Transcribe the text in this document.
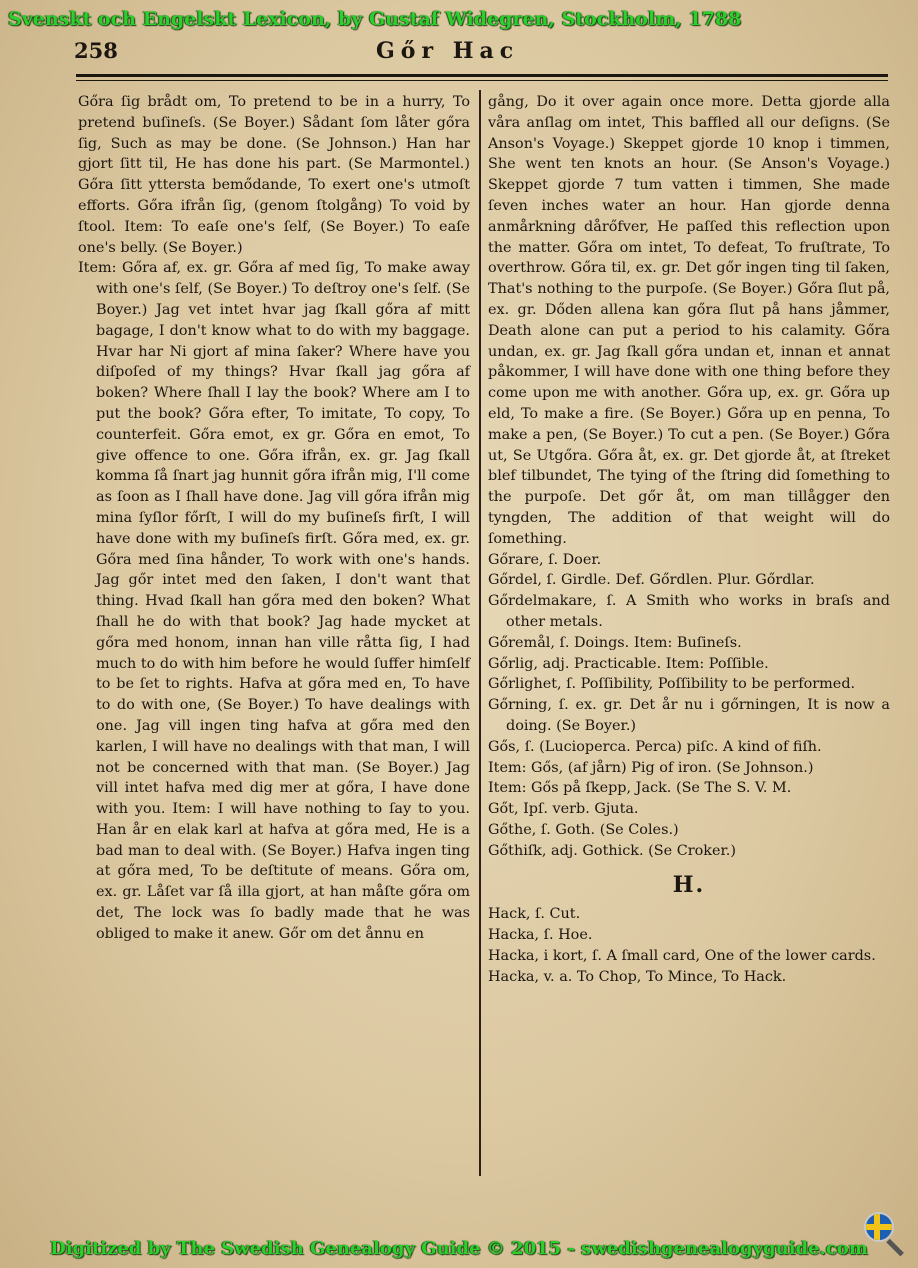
Svenskt och Engelskt Lexicon, by Gustaf Widegren, Stockholm, 1788
258	Gőr Hac

Gőra ſig brådt om, To pretend to be in a hurry, To pretend buſineſs. (Se Boyer.) Sådant ſom låter gőra ſig, Such as may be done. (Se Johnson.) Han har gjort ſitt til, He has done his part. (Se Marmontel.) Gőra ſitt yttersta bemődande, To exert one's utmoſt efforts. Gőra ifrån ſig, (genom ſtolgång) To void by ſtool. Item: To eaſe one's ſelf, (Se Boyer.) To eaſe one's belly. (Se Boyer.)

Item: Gőra af, ex. gr. Gőra af med ſig, To make away with one's ſelf, (Se Boyer.) To deſtroy one's ſelf. (Se Boyer.) Jag vet intet hvar jag ſkall gőra af mitt bagage, I don't know what to do with my baggage. Hvar har Ni gjort af mina ſaker? Where have you diſpoſed of my things? Hvar ſkall jag gőra af boken? Where ſhall I lay the book? Where am I to put the book? Gőra efter, To imitate, To copy, To counterfeit. Gőra emot, ex gr. Gőra en emot, To give offence to one. Gőra ifrån, ex. gr. Jag ſkall komma ſå ſnart jag hunnit gőra ifrån mig, I'll come as ſoon as I ſhall have done. Jag vill gőra ifrån mig mina ſyſlor főrſt, I will do my buſineſs firſt, I will have done with my buſineſs firſt. Gőra med, ex. gr. Gőra med ſina hånder, To work with one's hands. Jag gőr intet med den ſaken, I don't want that thing. Hvad ſkall han gőra med den boken? What ſhall he do with that book? Jag hade mycket at gőra med honom, innan han ville råtta ſig, I had much to do with him before he would ſuffer himſelf to be ſet to rights. Hafva at gőra med en, To have to do with one, (Se Boyer.) To have dealings with one. Jag vill ingen ting hafva at gőra med den karlen, I will have no dealings with that man, I will not be concerned with that man. (Se Boyer.) Jag vill intet hafva med dig mer at gőra, I have done with you. Item: I will have nothing to ſay to you. Han år en elak karl at hafva at gőra med, He is a bad man to deal with. (Se Boyer.) Hafva ingen ting at gőra med, To be deſtitute of means. Gőra om, ex. gr. Låſet var ſå illa gjort, at han måſte gőra om det, The lock was ſo badly made that he was obliged to make it anew. Gőr om det ånnu en

gång, Do it over again once more. Detta gjorde alla våra anſlag om intet, This baffled all our deſigns. (Se Anson's Voyage.) Skeppet gjorde 10 knop i timmen, She went ten knots an hour. (Se Anson's Voyage.) Skeppet gjorde 7 tum vatten i timmen, She made ſeven inches water an hour. Han gjorde denna anmårkning dårőfver, He paſſed this reflection upon the matter. Gőra om intet, To defeat, To fruſtrate, To overthrow. Gőra til, ex. gr. Det gőr ingen ting til ſaken, That's nothing to the purpoſe. (Se Boyer.) Gőra ſlut på, ex. gr. Dőden allena kan gőra ſlut på hans jåmmer, Death alone can put a period to his calamity. Gőra undan, ex. gr. Jag ſkall gőra undan et, innan et annat påkommer, I will have done with one thing before they come upon me with another. Gőra up, ex. gr. Gőra up eld, To make a fire. (Se Boyer.) Gőra up en penna, To make a pen, (Se Boyer.) To cut a pen. (Se Boyer.) Gőra ut, Se Utgőra. Gőra åt, ex. gr. Det gjorde åt, at ſtreket blef tilbundet, The tying of the ſtring did ſomething to the purpoſe. Det gőr åt, om man tillågger den tyngden, The addition of that weight will do ſomething.

Gőrare, ſ. Doer.

Gőrdel, ſ. Girdle. Def. Gőrdlen. Plur. Gőrdlar.

Gőrdelmakare, ſ. A Smith who works in braſs and other metals.

Gőremål, ſ. Doings. Item: Buſineſs.

Gőrlig, adj. Practicable. Item: Poſſible.

Gőrlighet, ſ. Poſſibility, Poſſibility to be performed.

Gőrning, ſ. ex. gr. Det år nu i gőrningen, It is now a doing. (Se Boyer.)

Gős, ſ. (Lucioperca. Perca) piſc. A kind of fiſh.

Item: Gős, (af jårn) Pig of iron. (Se Johnson.)

Item: Gős på ſkepp, Jack. (Se The S. V. M.

Gőt, Ipſ. verb. Gjuta.

Gőthe, ſ. Goth. (Se Coles.)

Gőthiſk, adj. Gothick. (Se Croker.)

H.

Hack, ſ. Cut.

Hacka, ſ. Hoe.

Hacka, i kort, ſ. A ſmall card, One of the lower cards.

Hacka, v. a. To Chop, To Mince, To Hack.

Digitized by The Swedish Genealogy Guide © 2015 - swedishgenealogyguide.com
